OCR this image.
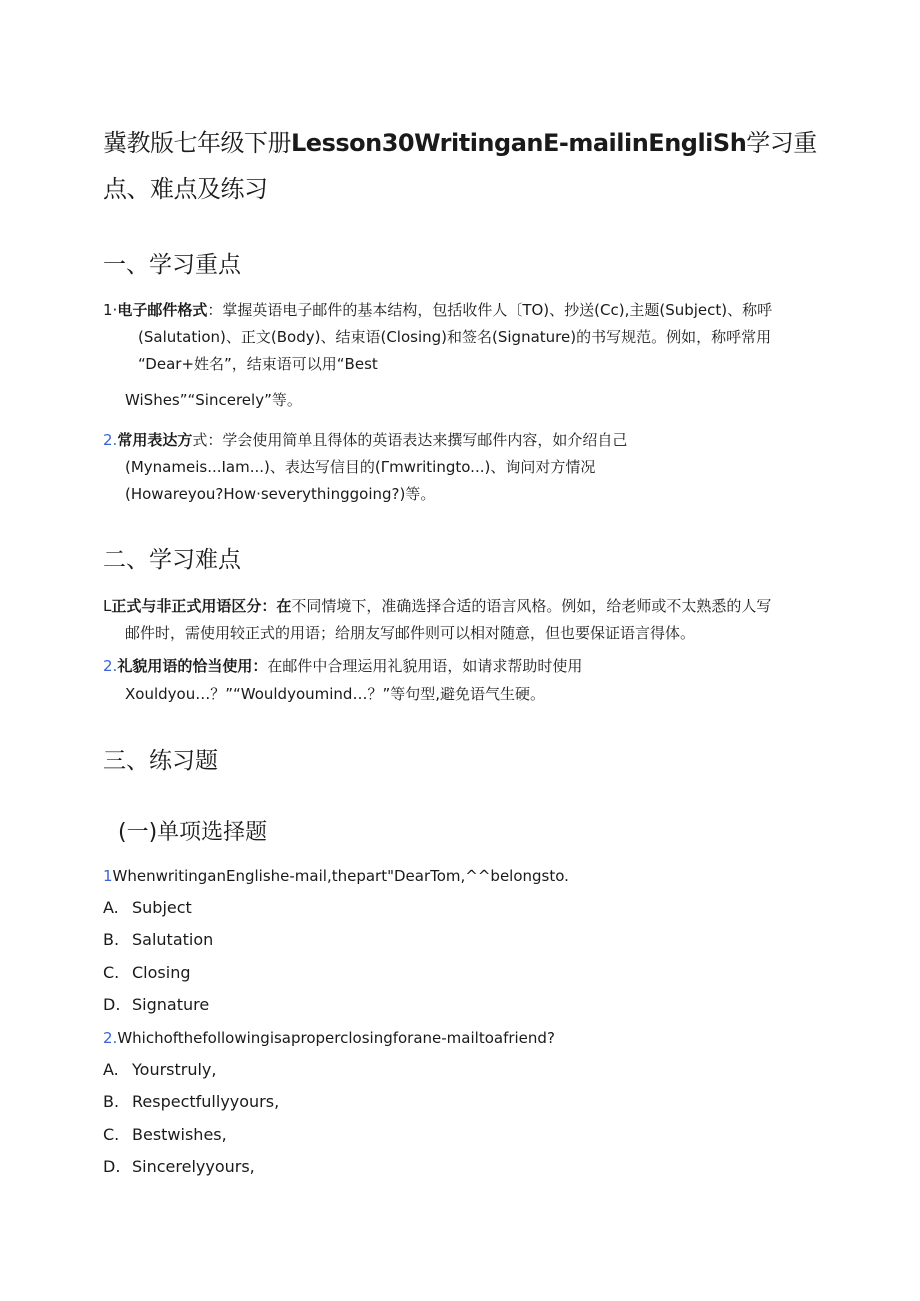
冀教版七年级下册Lesson30WritinganE-mailinEngliSh学习重
点、难点及练习
一、学习重点
1·电子邮件格式：掌握英语电子邮件的基本结构，包括收件人〔TO)、抄送(Cc),主题(Subject)、称呼
(Salutation)、正文(Body)、结束语(Closing)和签名(Signature)的书写规范。例如，称呼常用
“Dear+姓名”，结束语可以用“Best
WiShes”“Sincerely”等。
2.常用表达方式：学会使用简单且得体的英语表达来撰写邮件内容，如介绍自己
(Mynameis...Iam...)、表达写信目的(Γmwritingto...)、询问对方情况
(Howareyou?How·severythinggoing?)等。
二、学习难点
L正式与非正式用语区分：在不同情境下，准确选择合适的语言风格。例如，给老师或不太熟悉的人写
邮件时，需使用较正式的用语；给朋友写邮件则可以相对随意，但也要保证语言得体。
2.礼貌用语的恰当使用：在邮件中合理运用礼貌用语，如请求帮助时使用
Xouldyou…？”“Wouldyoumind…？”等句型,避免语气生硬。
三、练习题
(一)单项选择题
1WhenwritinganEnglishe-mail,thepart"DearTom,^^belongsto.
A. Subject
B. Salutation
C. Closing
D. Signature
2.Whichofthefollowingisaproperclosingforane-mailtoafriend?
A. Yourstruly,
B. Respectfullyyours,
C. Bestwishes,
D. Sincerelyyours,
